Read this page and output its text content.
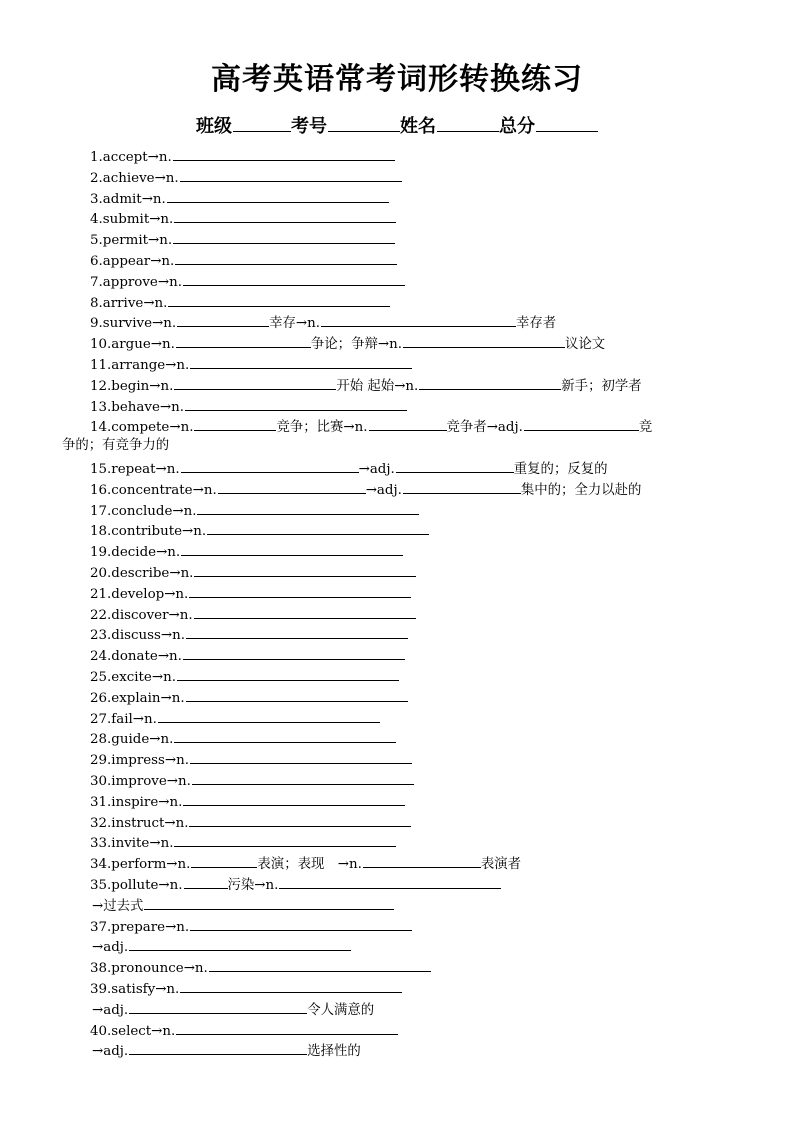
高考英语常考词形转换练习
班级	考号	姓名	总分
1.accept→n.
2.achieve→n.
3.admit→n.
4.submit→n.
5.permit→n.
6.appear→n.
7.approve→n.
8.arrive→n.
9.survive→n.	幸存→n.	幸存者
10.argue→n.	争论；争辩→n.	议论文
11.arrange→n.
12.begin→n.	开始 起始→n.	新手；初学者
13.behave→n.
14.compete→n.	竞争；比赛→n.	竞争者→adj.	竞
争的；有竞争力的
15.repeat→n.	→adj.	重复的；反复的
16.concentrate→n.	→adj.	集中的；全力以赴的
17.conclude→n.
18.contribute→n.
19.decide→n.
20.describe→n.
21.develop→n.
22.discover→n.
23.discuss→n.
24.donate→n.
25.excite→n.
26.explain→n.
27.fail→n.
28.guide→n.
29.impress→n.
30.improve→n.
31.inspire→n.
32.instruct→n.
33.invite→n.
34.perform→n.	表演；表现　→n.	表演者
35.pollute→n.	污染→n.
→过去式
37.prepare→n.
→adj.
38.pronounce→n.
39.satisfy→n.
→adj.	令人满意的
40.select→n.
→adj.	选择性的
